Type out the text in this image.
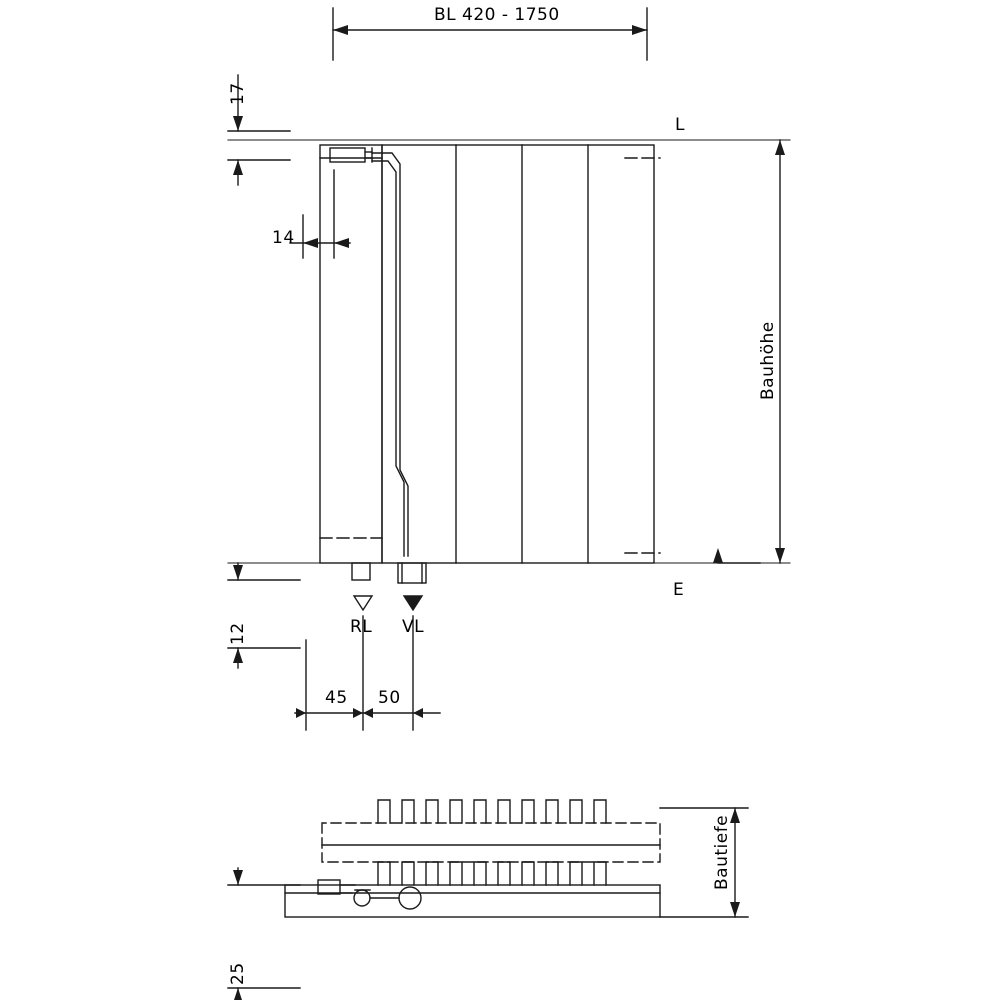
BL 420 - 1750
17
14
L
E
Bauhöhe
12	RL VL
45 50
Bautiefe
25
